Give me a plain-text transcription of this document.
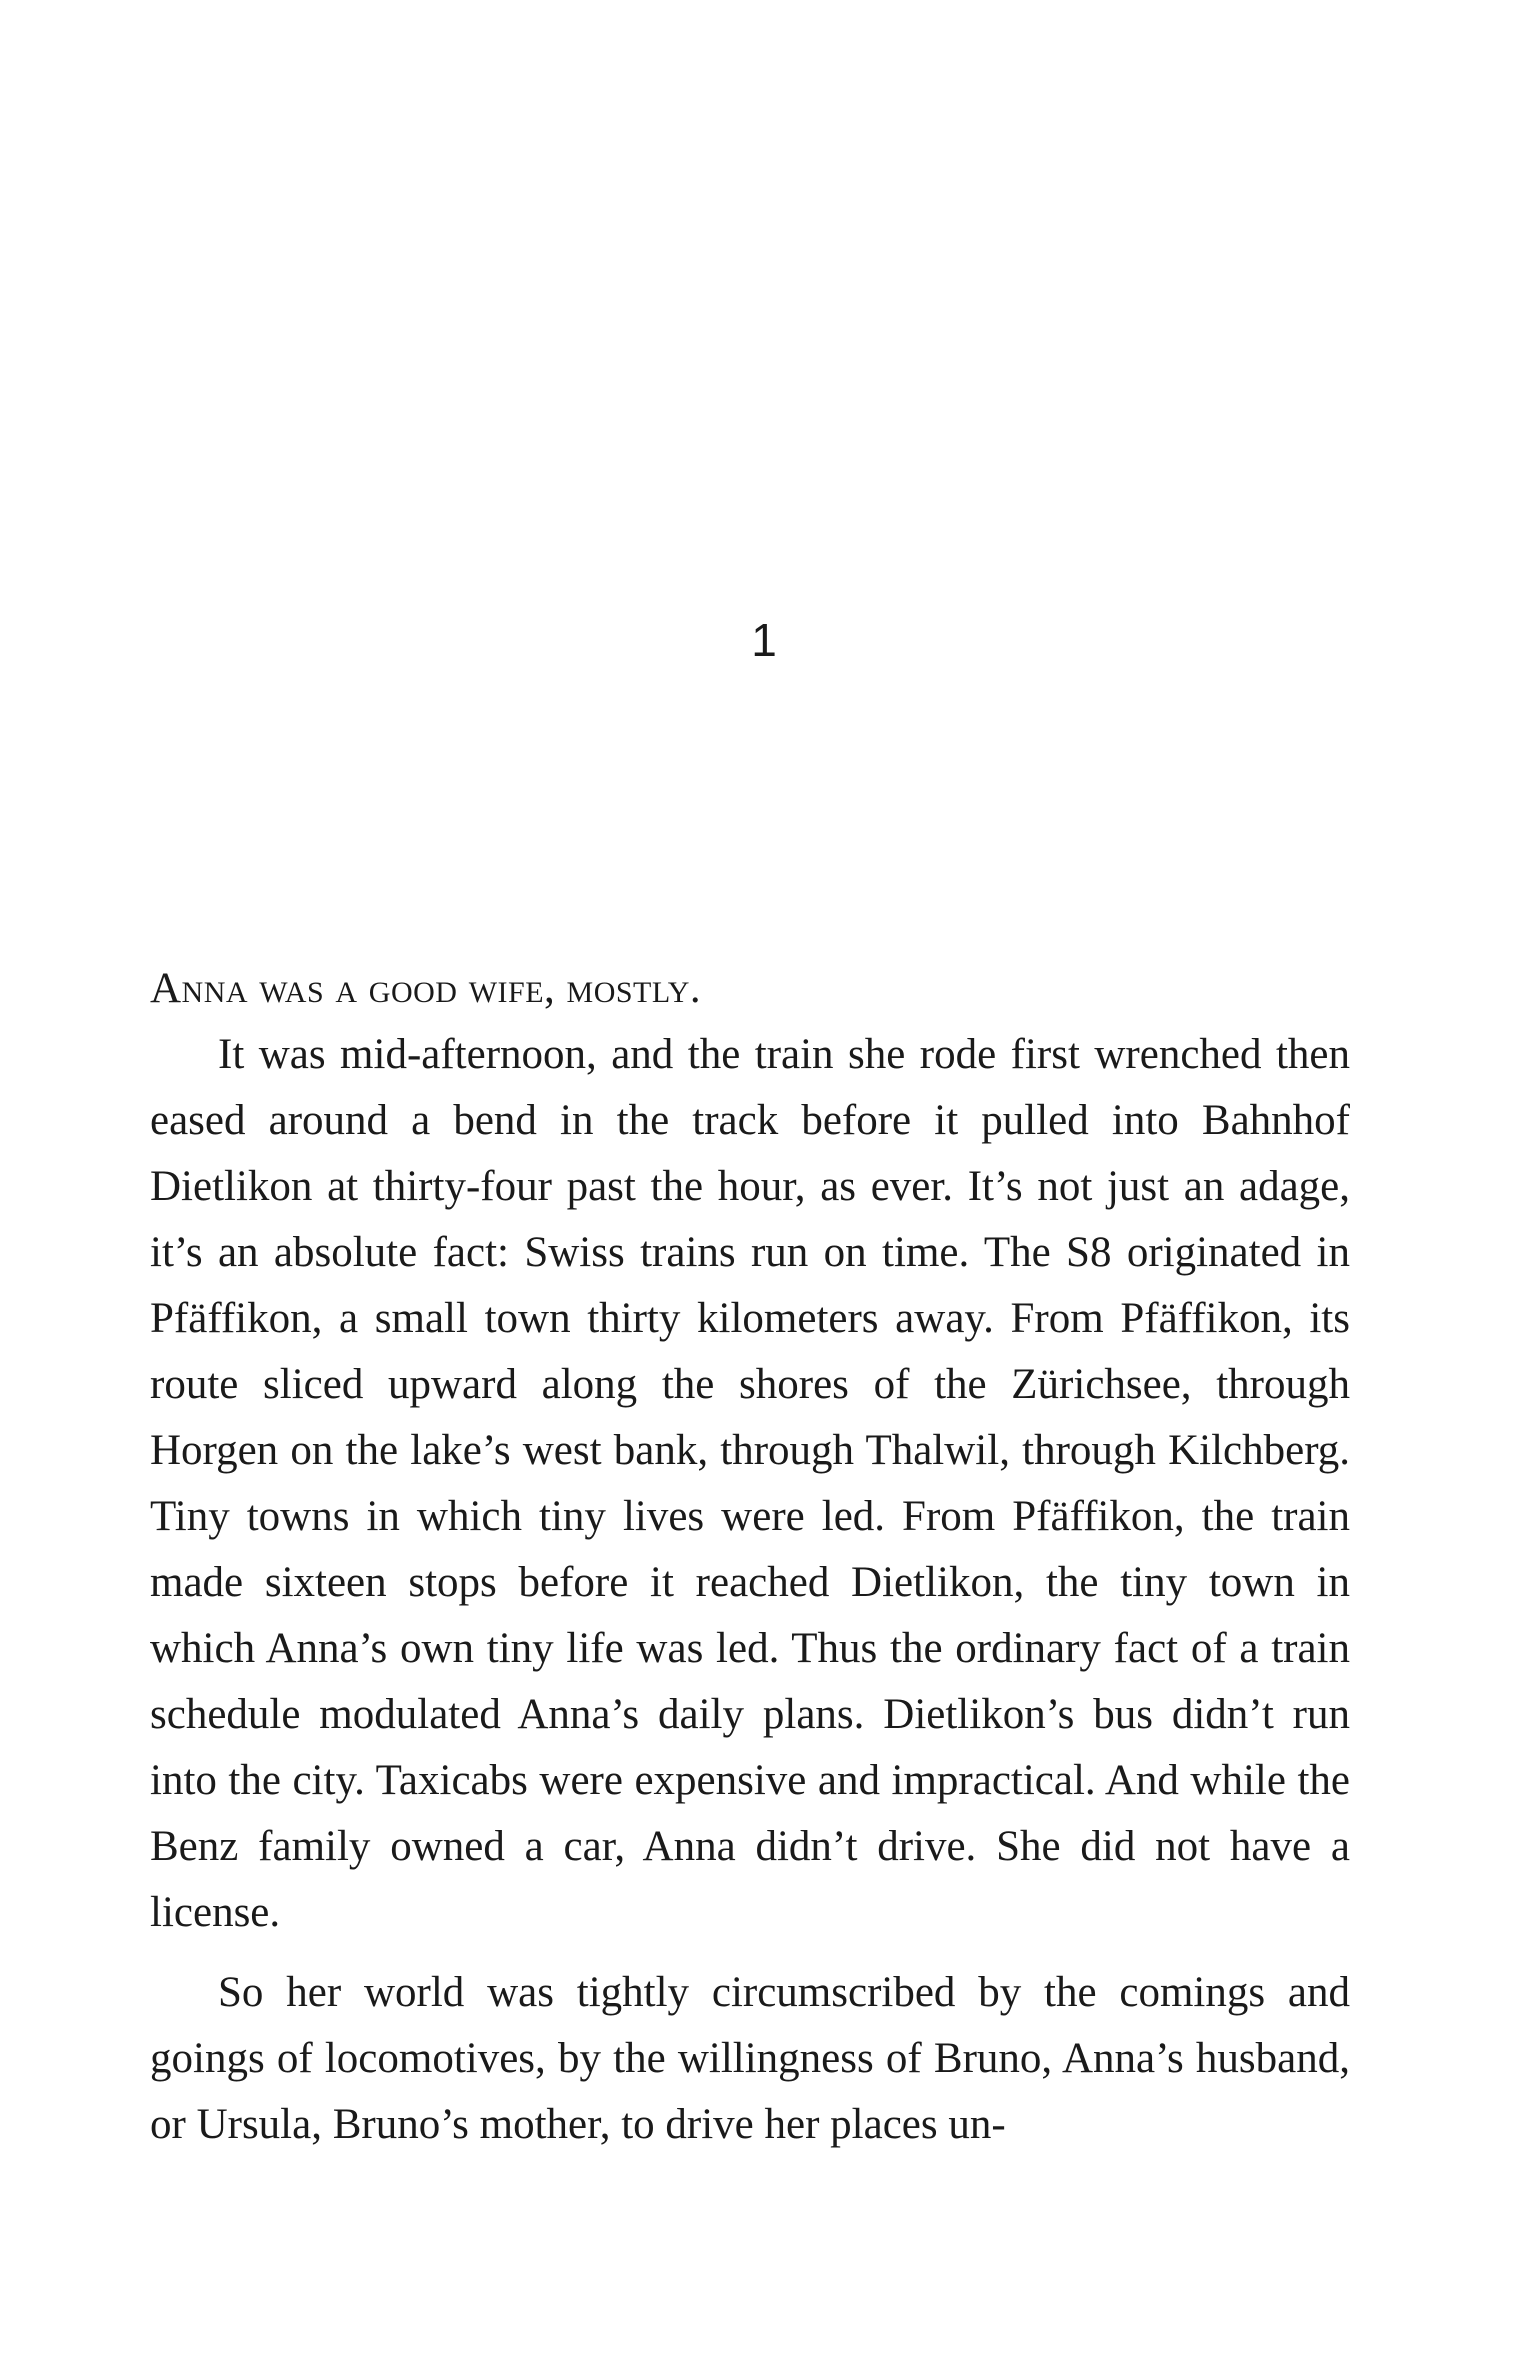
1

Anna was a good wife, mostly.

It was mid-afternoon, and the train she rode first wrenched then eased around a bend in the track before it pulled into Bahnhof Dietlikon at thirty-four past the hour, as ever. It’s not just an adage, it’s an absolute fact: Swiss trains run on time. The S8 originated in Pfäffikon, a small town thirty kilometers away. From Pfäffikon, its route sliced upward along the shores of the Zürichsee, through Horgen on the lake’s west bank, through Thalwil, through Kilchberg. Tiny towns in which tiny lives were led. From Pfäffikon, the train made sixteen stops before it reached Dietlikon, the tiny town in which Anna’s own tiny life was led. Thus the ordinary fact of a train schedule modulated Anna’s daily plans. Dietlikon’s bus didn’t run into the city. Taxicabs were expensive and impractical. And while the Benz family owned a car, Anna didn’t drive. She did not have a license.

So her world was tightly circumscribed by the comings and goings of locomotives, by the willingness of Bruno, Anna’s husband, or Ursula, Bruno’s mother, to drive her places un-
